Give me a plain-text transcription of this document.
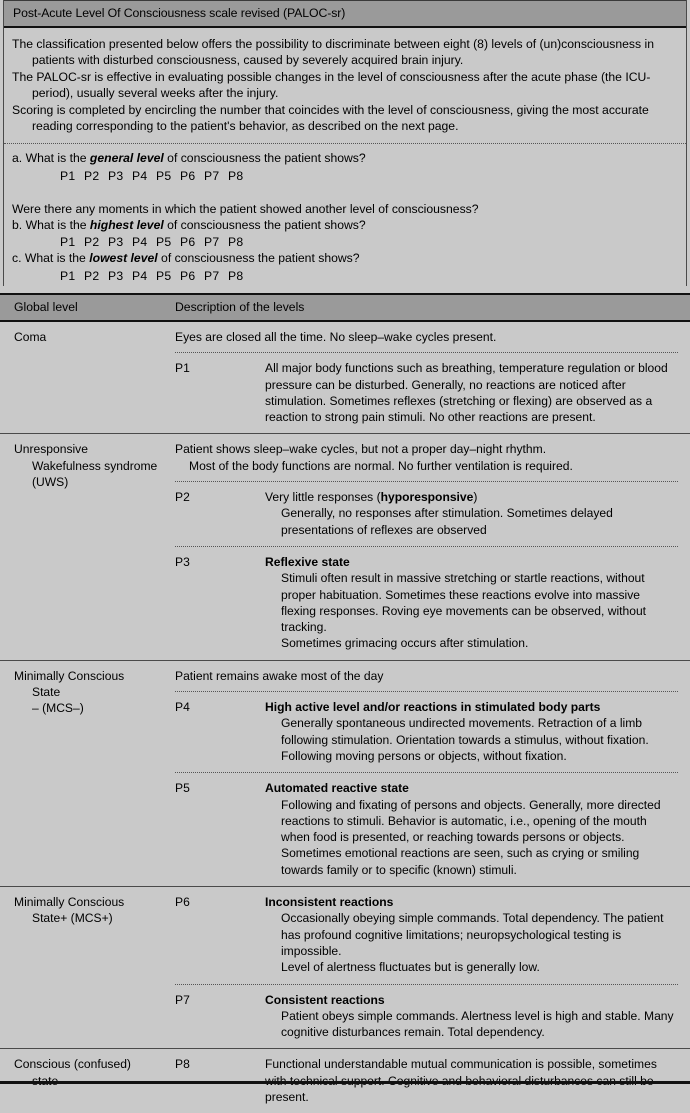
Post-Acute Level Of Consciousness scale revised (PALOC-sr)

The classification presented below offers the possibility to discriminate between eight (8) levels of (un)consciousness in patients with disturbed consciousness, caused by severely acquired brain injury.

The PALOC-sr is effective in evaluating possible changes in the level of consciousness after the acute phase (the ICU-period), usually several weeks after the injury.

Scoring is completed by encircling the number that coincides with the level of consciousness, giving the most accurate reading corresponding to the patient's behavior, as described on the next page.

a. What is the general level of consciousness the patient shows?
P1 P2 P3 P4 P5 P6 P7 P8
Were there any moments in which the patient showed another level of consciousness?
b. What is the highest level of consciousness the patient shows?
P1 P2 P3 P4 P5 P6 P7 P8
c. What is the lowest level of consciousness the patient shows?
P1 P2 P3 P4 P5 P6 P7 P8
Global level	Description of the levels
Coma	Eyes are closed all the time. No sleep–wake cycles present.
P1	All major body functions such as breathing, temperature regulation or blood pressure can be disturbed. Generally, no reactions are noticed after stimulation. Sometimes reflexes (stretching or flexing) are observed as a reaction to strong pain stimuli. No other reactions are present.
Unresponsive
Wakefulness syndrome
(UWS)
Patient shows sleep–wake cycles, but not a proper day–night rhythm.
Most of the body functions are normal. No further ventilation is required.
P2	Very little responses (hyporesponsive)
Generally, no responses after stimulation. Sometimes delayed presentations of reflexes are observed
P3	Reflexive state
Stimuli often result in massive stretching or startle reactions, without proper habituation. Sometimes these reactions evolve into massive flexing responses. Roving eye movements can be observed, without tracking.
Sometimes grimacing occurs after stimulation.
Minimally Conscious
State
– (MCS–)
Patient remains awake most of the day
P4	High active level and/or reactions in stimulated body parts
Generally spontaneous undirected movements. Retraction of a limb following stimulation. Orientation towards a stimulus, without fixation.
Following moving persons or objects, without fixation.
P5	Automated reactive state
Following and fixating of persons and objects. Generally, more directed reactions to stimuli. Behavior is automatic, i.e., opening of the mouth when food is presented, or reaching towards persons or objects.
Sometimes emotional reactions are seen, such as crying or smiling towards family or to specific (known) stimuli.
Minimally Conscious
State+ (MCS+)
P6	Inconsistent reactions
Occasionally obeying simple commands. Total dependency. The patient has profound cognitive limitations; neuropsychological testing is impossible.
Level of alertness fluctuates but is generally low.
P7	Consistent reactions
Patient obeys simple commands. Alertness level is high and stable. Many cognitive disturbances remain. Total dependency.
Conscious (confused)
state
P8	Functional understandable mutual communication is possible, sometimes with technical support. Cognitive and behavioral disturbances can still be present.
